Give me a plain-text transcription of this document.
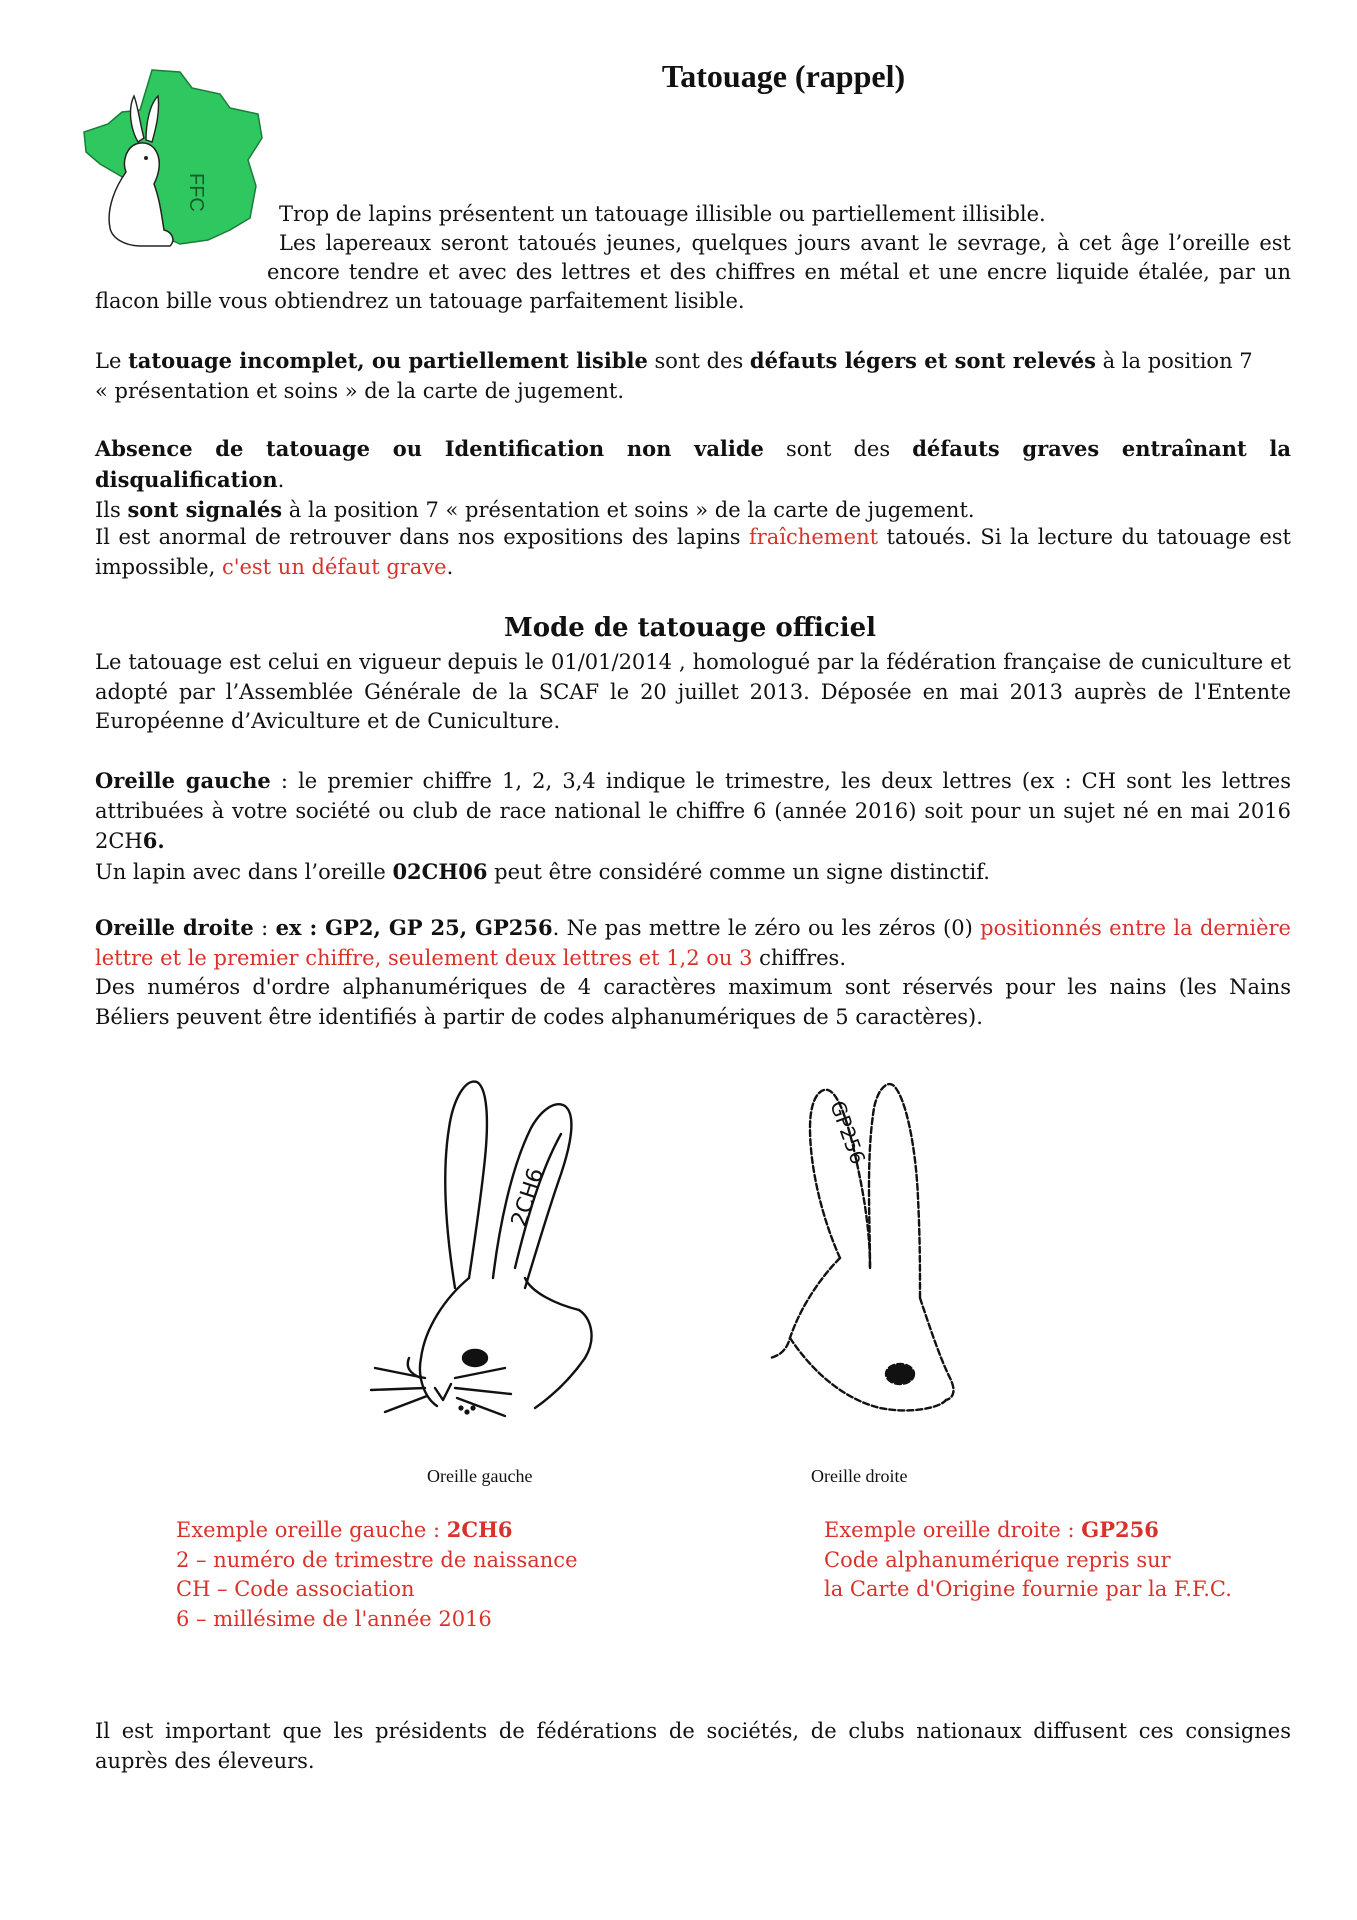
Tatouage (rappel)
FFC
Trop de lapins présentent un tatouage illisible ou partiellement illisible.
Les lapereaux seront tatoués jeunes, quelques jours avant le sevrage, à cet âge l’oreille est
encore tendre et avec des lettres et des chiffres en métal et une encre liquide étalée, par un
flacon bille vous obtiendrez un tatouage parfaitement lisible.
Le tatouage incomplet, ou partiellement lisible sont des défauts légers et sont relevés à la position 7
« présentation et soins » de la carte de jugement.
Absence de tatouage ou Identification non valide sont des défauts graves entraînant la disqualification.
Ils sont signalés à la position 7 « présentation et soins » de la carte de jugement.
Il est anormal de retrouver dans nos expositions des lapins fraîchement tatoués. Si la lecture du tatouage est impossible, c'est un défaut grave.
Mode de tatouage officiel
Le tatouage est celui en vigueur depuis le 01/01/2014 , homologué par la fédération française de cuniculture et adopté par l’Assemblée Générale de la SCAF le 20 juillet 2013. Déposée en mai 2013 auprès de l'Entente Européenne d’Aviculture et de Cuniculture.
Oreille gauche : le premier chiffre 1, 2, 3,4 indique le trimestre, les deux lettres (ex : CH sont les lettres attribuées à votre société ou club de race national le chiffre 6 (année 2016) soit pour un sujet né en mai 2016 2CH6.
Un lapin avec dans l’oreille 02CH06 peut être considéré comme un signe distinctif.
Oreille droite : ex : GP2, GP 25, GP256. Ne pas mettre le zéro ou les zéros (0) positionnés entre la dernière lettre et le premier chiffre, seulement deux lettres et 1,2 ou 3 chiffres.
Des numéros d'ordre alphanumériques de 4 caractères maximum sont réservés pour les nains (les Nains Béliers peuvent être identifiés à partir de codes alphanumériques de 5 caractères).
2CH6
Oreille gauche
GP256
Oreille droite
Exemple oreille gauche : 2CH6
2 – numéro de trimestre de naissance
CH – Code association
6 – millésime de l'année 2016
Exemple oreille droite : GP256
Code alphanumérique repris sur
la Carte d'Origine fournie par la F.F.C.
Il est important que les présidents de fédérations de sociétés, de clubs nationaux diffusent ces consignes auprès des éleveurs.
